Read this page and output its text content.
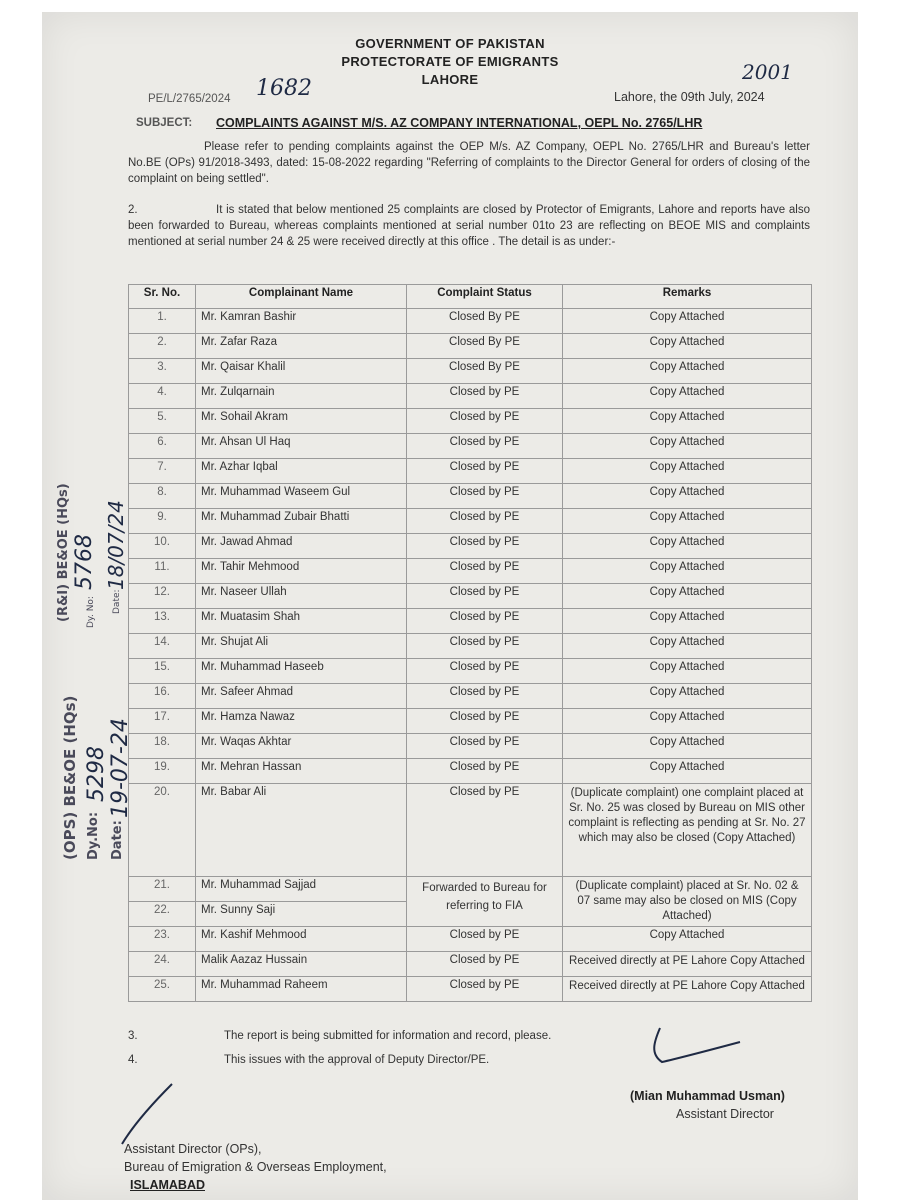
GOVERNMENT OF PAKISTAN
PROTECTORATE OF EMIGRANTS
LAHORE
PE/L/2765/2024 1682
2001
Lahore, the 09th July, 2024
SUBJECT: COMPLAINTS AGAINST M/S. AZ COMPANY INTERNATIONAL, OEPL No. 2765/LHR
Please refer to pending complaints against the OEP M/s. AZ Company, OEPL No. 2765/LHR and Bureau's letter No.BE (OPs) 91/2018-3493, dated: 15-08-2022 regarding "Referring of complaints to the Director General for orders of closing of the complaint on being settled".
2.	It is stated that below mentioned 25 complaints are closed by Protector of Emigrants, Lahore and reports have also been forwarded to Bureau, whereas complaints mentioned at serial number 01to 23 are reflecting on BEOE MIS and complaints mentioned at serial number 24 & 25 were received directly at this office . The detail is as under:-
Sr. No.	Complainant Name	Complaint Status	Remarks
1.	Mr. Kamran Bashir	Closed By PE	Copy Attached
2.	Mr. Zafar Raza	Closed By PE	Copy Attached
3.	Mr. Qaisar Khalil	Closed By PE	Copy Attached
4.	Mr. Zulqarnain	Closed by PE	Copy Attached
5.	Mr. Sohail Akram	Closed by PE	Copy Attached
6.	Mr. Ahsan Ul Haq	Closed by PE	Copy Attached
7.	Mr. Azhar Iqbal	Closed by PE	Copy Attached
8.	Mr. Muhammad Waseem Gul	Closed by PE	Copy Attached
9.	Mr. Muhammad Zubair Bhatti	Closed by PE	Copy Attached
10.	Mr. Jawad Ahmad	Closed by PE	Copy Attached
11.	Mr. Tahir Mehmood	Closed by PE	Copy Attached
12.	Mr. Naseer Ullah	Closed by PE	Copy Attached
13.	Mr. Muatasim Shah	Closed by PE	Copy Attached
14.	Mr. Shujat Ali	Closed by PE	Copy Attached
15.	Mr. Muhammad Haseeb	Closed by PE	Copy Attached
16.	Mr. Safeer Ahmad	Closed by PE	Copy Attached
17.	Mr. Hamza Nawaz	Closed by PE	Copy Attached
18.	Mr. Waqas Akhtar	Closed by PE	Copy Attached
19.	Mr. Mehran Hassan	Closed by PE	Copy Attached
20.	Mr. Babar Ali	Closed by PE	(Duplicate complaint) one complaint placed at Sr. No. 25 was closed by Bureau on MIS other complaint is reflecting as pending at Sr. No. 27 which may also be closed (Copy Attached)
21.	Mr. Muhammad Sajjad	Forwarded to Bureau for referring to FIA	(Duplicate complaint) placed at Sr. No. 02 & 07 same may also be closed on MIS (Copy Attached)
22.	Mr. Sunny Saji		
23.	Mr. Kashif Mehmood	Closed by PE	Copy Attached
24.	Malik Aazaz Hussain	Closed by PE	Received directly at PE Lahore Copy Attached
25.	Mr. Muhammad Raheem	Closed by PE	Received directly at PE Lahore Copy Attached
3.	The report is being submitted for information and record, please.
4.	This issues with the approval of Deputy Director/PE.
(Mian Muhammad Usman)
Assistant Director
Assistant Director (OPs),
Bureau of Emigration & Overseas Employment,
ISLAMABAD
(R&I) BE&OE (HQs) Dy. No:
5768
Date:
18/07/24
(OPS) BE&OE (HQs) Dy.No:
5298
Date:
19-07-24
